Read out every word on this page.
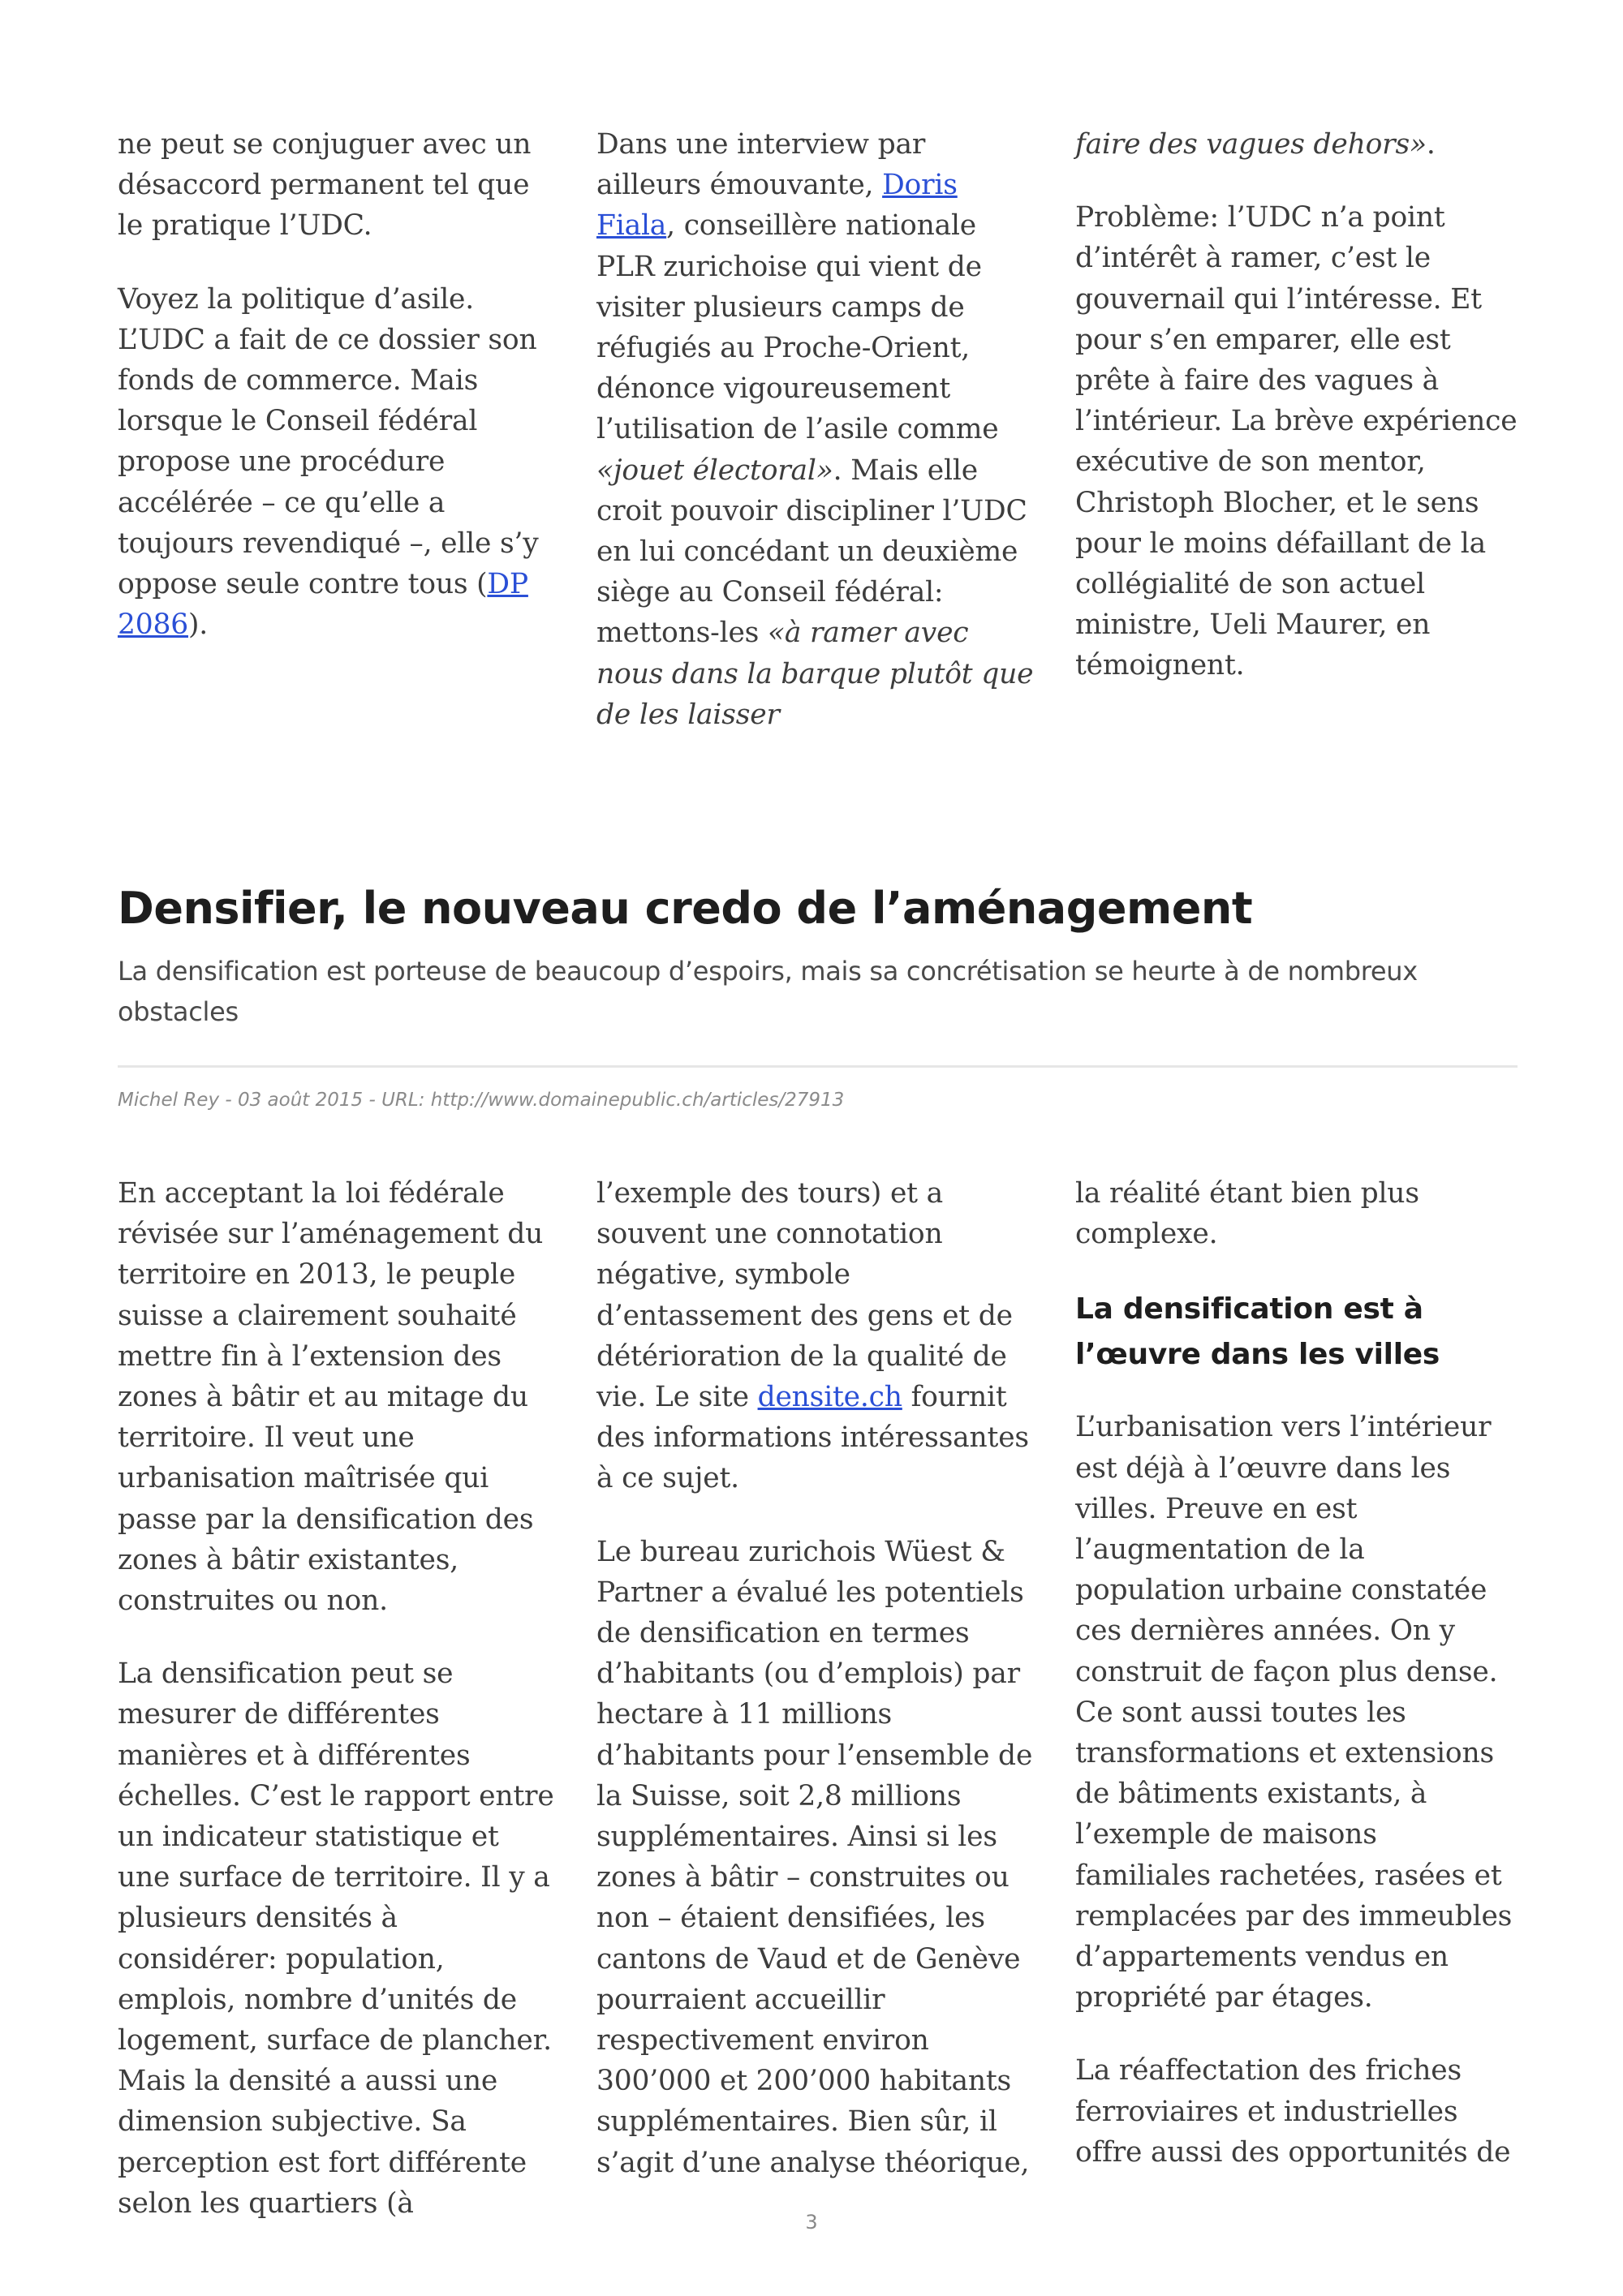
ne peut se conjuguer avec un désaccord permanent tel que le pratique l’UDC.

Voyez la politique d’asile. L’UDC a fait de ce dossier son fonds de commerce. Mais lorsque le Conseil fédéral propose une procédure accélérée – ce qu’elle a toujours revendiqué –, elle s’y oppose seule contre tous (DP 2086).

Dans une interview par ailleurs émouvante, Doris Fiala, conseillère nationale PLR zurichoise qui vient de visiter plusieurs camps de réfugiés au Proche-Orient, dénonce vigoureusement l’utilisation de l’asile comme «jouet électoral». Mais elle croit pouvoir discipliner l’UDC en lui concédant un deuxième siège au Conseil fédéral: mettons-les «à ramer avec nous dans la barque plutôt que de les laisser

faire des vagues dehors».

Problème: l’UDC n’a point d’intérêt à ramer, c’est le gouvernail qui l’intéresse. Et pour s’en emparer, elle est prête à faire des vagues à l’intérieur. La brève expérience exécutive de son mentor, Christoph Blocher, et le sens pour le moins défaillant de la collégialité de son actuel ministre, Ueli Maurer, en témoignent.

Densifier, le nouveau credo de l’aménagement
La densification est porteuse de beaucoup d’espoirs, mais sa concrétisation se heurte à de nombreux obstacles
Michel Rey - 03 août 2015 - URL: http://www.domainepublic.ch/articles/27913

En acceptant la loi fédérale révisée sur l’aménagement du territoire en 2013, le peuple suisse a clairement souhaité mettre fin à l’extension des zones à bâtir et au mitage du territoire. Il veut une urbanisation maîtrisée qui passe par la densification des zones à bâtir existantes, construites ou non.

La densification peut se mesurer de différentes manières et à différentes échelles. C’est le rapport entre un indicateur statistique et une surface de territoire. Il y a plusieurs densités à considérer: population, emplois, nombre d’unités de logement, surface de plancher. Mais la densité a aussi une dimension subjective. Sa perception est fort différente selon les quartiers (à

l’exemple des tours) et a souvent une connotation négative, symbole d’entassement des gens et de détérioration de la qualité de vie. Le site densite.ch fournit des informations intéressantes à ce sujet.

Le bureau zurichois Wüest & Partner a évalué les potentiels de densification en termes d’habitants (ou d’emplois) par hectare à 11 millions d’habitants pour l’ensemble de la Suisse, soit 2,8 millions supplémentaires. Ainsi si les zones à bâtir – construites ou non – étaient densifiées, les cantons de Vaud et de Genève pourraient accueillir respectivement environ 300’000 et 200’000 habitants supplémentaires. Bien sûr, il s’agit d’une analyse théorique,

la réalité étant bien plus complexe.

La densification est à l’œuvre dans les villes

L’urbanisation vers l’intérieur est déjà à l’œuvre dans les villes. Preuve en est l’augmentation de la population urbaine constatée ces dernières années. On y construit de façon plus dense. Ce sont aussi toutes les transformations et extensions de bâtiments existants, à l’exemple de maisons familiales rachetées, rasées et remplacées par des immeubles d’appartements vendus en propriété par étages.

La réaffectation des friches ferroviaires et industrielles offre aussi des opportunités de

3
